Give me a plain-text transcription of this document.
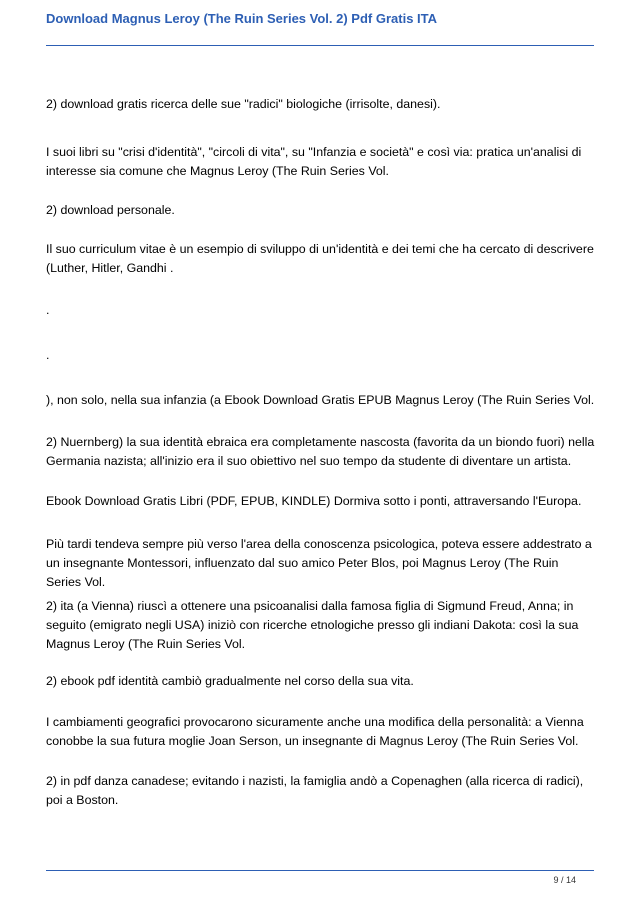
Download Magnus Leroy (The Ruin Series Vol. 2) Pdf Gratis ITA

2) download gratis ricerca delle sue "radici" biologiche (irrisolte, danesi).

I suoi libri su "crisi d'identità", "circoli di vita", su "Infanzia e società" e così via: pratica un'analisi di interesse sia comune che Magnus Leroy (The Ruin Series Vol.

2) download personale.

Il suo curriculum vitae è un esempio di sviluppo di un'identità e dei temi che ha cercato di descrivere (Luther, Hitler, Gandhi .

.

.

), non solo, nella sua infanzia (a Ebook Download Gratis EPUB Magnus Leroy (The Ruin Series Vol.

2) Nuernberg) la sua identità ebraica era completamente nascosta (favorita da un biondo fuori) nella Germania nazista; all'inizio era il suo obiettivo nel suo tempo da studente di diventare un artista.

Ebook Download Gratis Libri (PDF, EPUB, KINDLE) Dormiva sotto i ponti, attraversando l'Europa.

Più tardi tendeva sempre più verso l'area della conoscenza psicologica, poteva essere addestrato a un insegnante Montessori, influenzato dal suo amico Peter Blos, poi Magnus Leroy (The Ruin Series Vol.

2) ita (a Vienna) riuscì a ottenere una psicoanalisi dalla famosa figlia di Sigmund Freud, Anna; in seguito (emigrato negli USA) iniziò con ricerche etnologiche presso gli indiani Dakota: così la sua Magnus Leroy (The Ruin Series Vol.

2) ebook pdf identità cambiò gradualmente nel corso della sua vita.

I cambiamenti geografici provocarono sicuramente anche una modifica della personalità: a Vienna conobbe la sua futura moglie Joan Serson, un insegnante di Magnus Leroy (The Ruin Series Vol.

2) in pdf danza canadese; evitando i nazisti, la famiglia andò a Copenaghen (alla ricerca di radici), poi a Boston.

9 / 14
